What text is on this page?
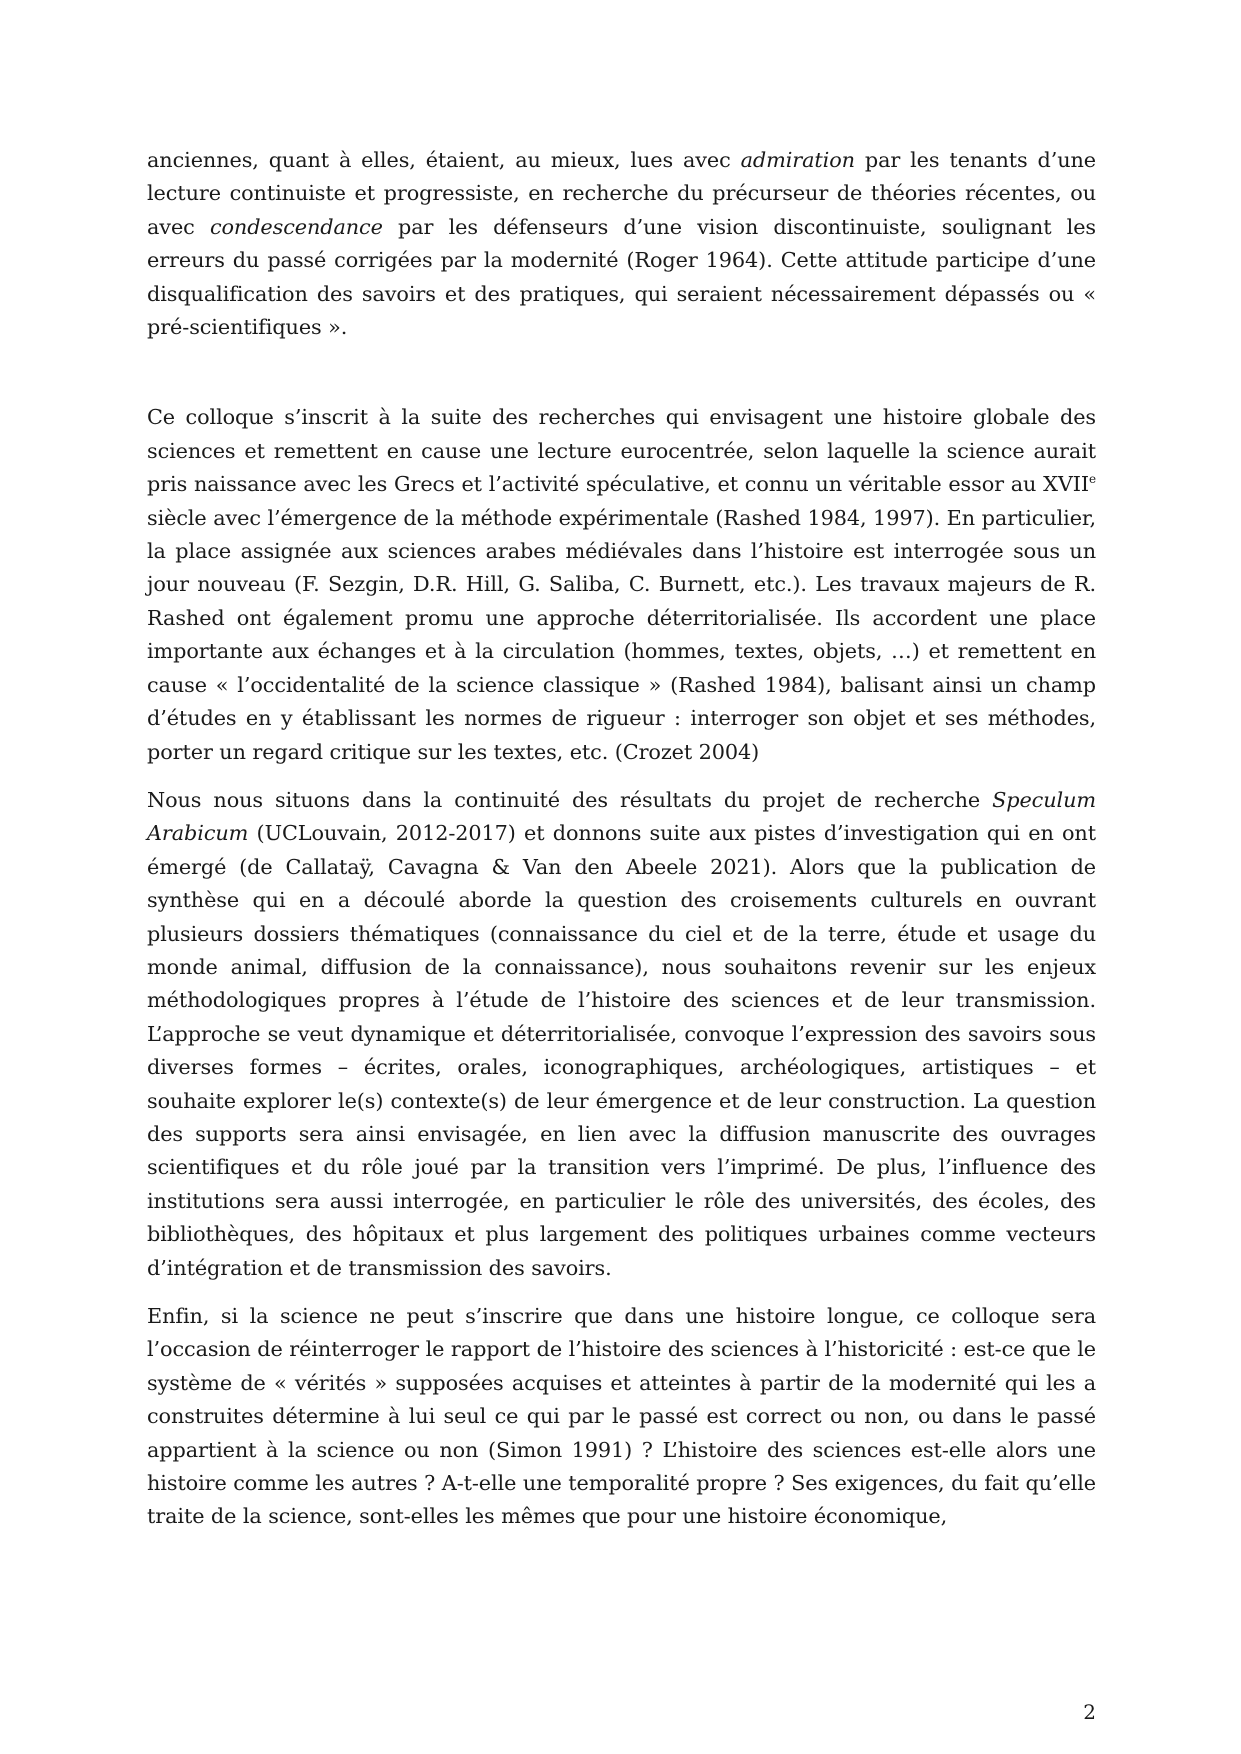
anciennes, quant à elles, étaient, au mieux, lues avec admiration par les tenants d’une lecture continuiste et progressiste, en recherche du précurseur de théories récentes, ou avec condescendance par les défenseurs d’une vision discontinuiste, soulignant les erreurs du passé corrigées par la modernité (Roger 1964). Cette attitude participe d’une disqualification des savoirs et des pratiques, qui seraient nécessairement dépassés ou « pré-scientifiques ».

Ce colloque s’inscrit à la suite des recherches qui envisagent une histoire globale des sciences et remettent en cause une lecture eurocentrée, selon laquelle la science aurait pris naissance avec les Grecs et l’activité spéculative, et connu un véritable essor au XVIIe siècle avec l’émergence de la méthode expérimentale (Rashed 1984, 1997). En particulier, la place assignée aux sciences arabes médiévales dans l’histoire est interrogée sous un jour nouveau (F. Sezgin, D.R. Hill, G. Saliba, C. Burnett, etc.). Les travaux majeurs de R. Rashed ont également promu une approche déterritorialisée. Ils accordent une place importante aux échanges et à la circulation (hommes, textes, objets, …) et remettent en cause « l’occidentalité de la science classique » (Rashed 1984), balisant ainsi un champ d’études en y établissant les normes de rigueur : interroger son objet et ses méthodes, porter un regard critique sur les textes, etc. (Crozet 2004)

Nous nous situons dans la continuité des résultats du projet de recherche Speculum Arabicum (UCLouvain, 2012-2017) et donnons suite aux pistes d’investigation qui en ont émergé (de Callataÿ, Cavagna & Van den Abeele 2021). Alors que la publication de synthèse qui en a découlé aborde la question des croisements culturels en ouvrant plusieurs dossiers thématiques (connaissance du ciel et de la terre, étude et usage du monde animal, diffusion de la connaissance), nous souhaitons revenir sur les enjeux méthodologiques propres à l’étude de l’histoire des sciences et de leur transmission. L’approche se veut dynamique et déterritorialisée, convoque l’expression des savoirs sous diverses formes – écrites, orales, iconographiques, archéologiques, artistiques – et souhaite explorer le(s) contexte(s) de leur émergence et de leur construction. La question des supports sera ainsi envisagée, en lien avec la diffusion manuscrite des ouvrages scientifiques et du rôle joué par la transition vers l’imprimé. De plus, l’influence des institutions sera aussi interrogée, en particulier le rôle des universités, des écoles, des bibliothèques, des hôpitaux et plus largement des politiques urbaines comme vecteurs d’intégration et de transmission des savoirs.

Enfin, si la science ne peut s’inscrire que dans une histoire longue, ce colloque sera l’occasion de réinterroger le rapport de l’histoire des sciences à l’historicité : est-ce que le système de « vérités » supposées acquises et atteintes à partir de la modernité qui les a construites détermine à lui seul ce qui par le passé est correct ou non, ou dans le passé appartient à la science ou non (Simon 1991) ? L’histoire des sciences est-elle alors une histoire comme les autres ? A-t-elle une temporalité propre ? Ses exigences, du fait qu’elle traite de la science, sont-elles les mêmes que pour une histoire économique,

2
